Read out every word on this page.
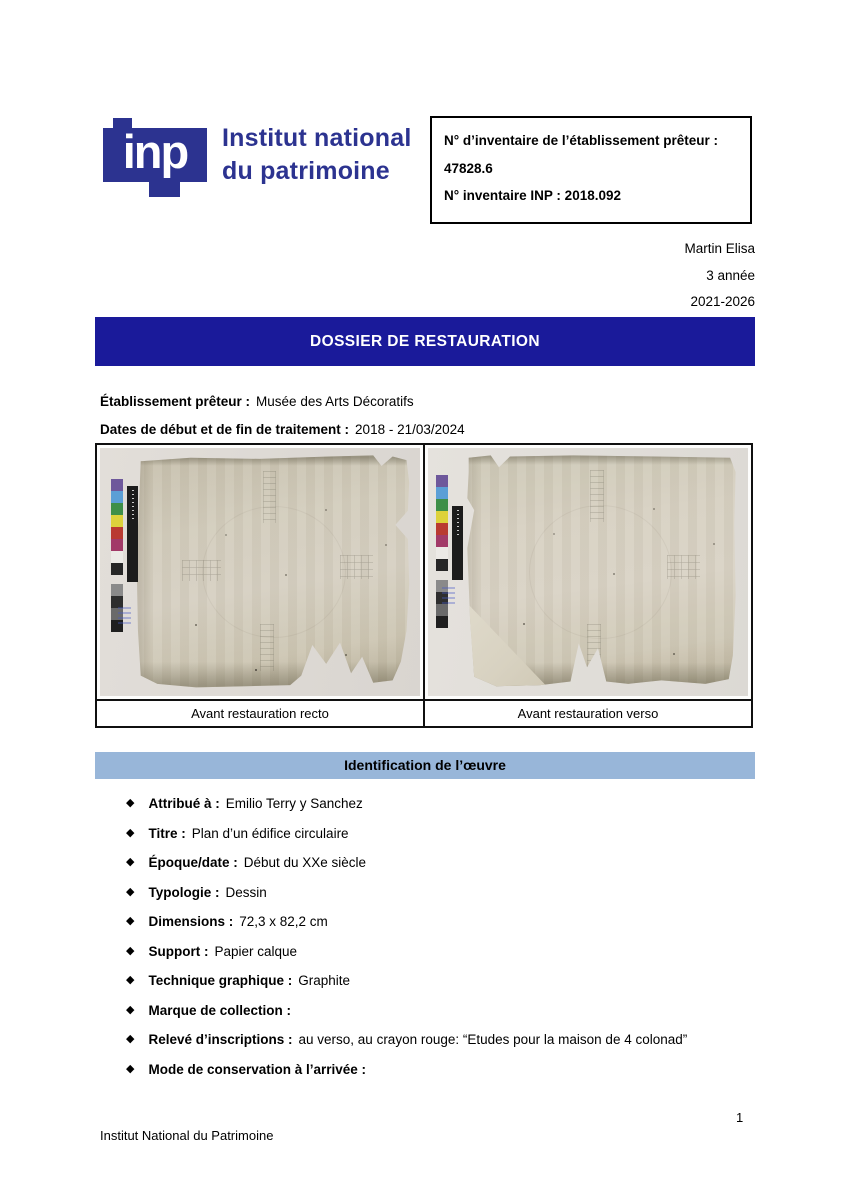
inp	Institut national
du patrimoine
N° d’inventaire de l’établissement prêteur :
47828.6
N° inventaire INP : 2018.092
Martin Elisa
3 année
2021-2026
DOSSIER DE RESTAURATION
Établissement prêteur : Musée des Arts Décoratifs
Dates de début et de fin de traitement : 2018 - 21/03/2024
Avant restauration recto	Avant restauration verso
Identification de l’œuvre
◆ Attribué à : Emilio Terry y Sanchez
◆ Titre : Plan d’un édifice circulaire
◆ Époque/date : Début du XXe siècle
◆ Typologie : Dessin
◆ Dimensions : 72,3 x 82,2 cm
◆ Support : Papier calque
◆ Technique graphique : Graphite
◆ Marque de collection :
◆ Relevé d’inscriptions : au verso, au crayon rouge: “Etudes pour la maison de 4 colonad”
◆ Mode de conservation à l’arrivée :
Institut National du Patrimoine
1
